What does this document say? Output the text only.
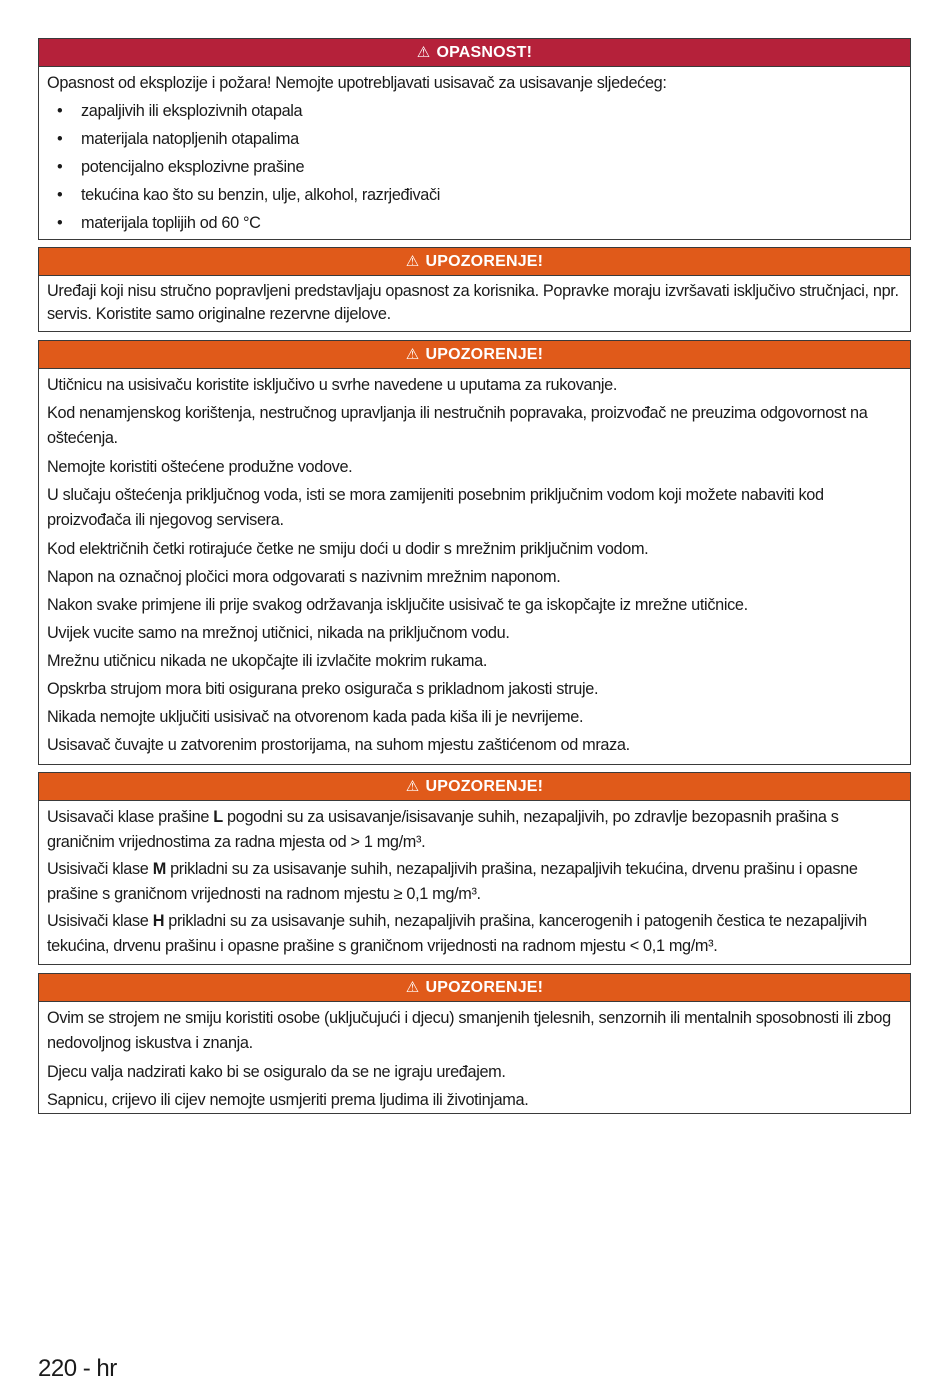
⚠ OPASNOST!

Opasnost od eksplozije i požara! Nemojte upotrebljavati usisavač za usisavanje sljedećeg:

• zapaljivih ili eksplozivnih otapala
• materijala natopljenih otapalima
• potencijalno eksplozivne prašine
• tekućina kao što su benzin, ulje, alkohol, razrjeđivači
• materijala toplijih od 60 °C
⚠ UPOZORENJE!

Uređaji koji nisu stručno popravljeni predstavljaju opasnost za korisnika. Popravke moraju izvršavati isključivo stručnjaci, npr. servis. Koristite samo originalne rezervne dijelove.

⚠ UPOZORENJE!

Utičnicu na usisivaču koristite isključivo u svrhe navedene u uputama za rukovanje.

Kod nenamjenskog korištenja, nestručnog upravljanja ili nestručnih popravaka, proizvođač ne preuzima odgovornost na oštećenja.

Nemojte koristiti oštećene produžne vodove.

U slučaju oštećenja priključnog voda, isti se mora zamijeniti posebnim priključnim vodom koji možete nabaviti kod proizvođača ili njegovog servisera.

Kod električnih četki rotirajuće četke ne smiju doći u dodir s mrežnim priključnim vodom.

Napon na označnoj pločici mora odgovarati s nazivnim mrežnim naponom.

Nakon svake primjene ili prije svakog održavanja isključite usisivač te ga iskopčajte iz mrežne utičnice.

Uvijek vucite samo na mrežnoj utičnici, nikada na priključnom vodu.

Mrežnu utičnicu nikada ne ukopčajte ili izvlačite mokrim rukama.

Opskrba strujom mora biti osigurana preko osigurača s prikladnom jakosti struje.

Nikada nemojte uključiti usisivač na otvorenom kada pada kiša ili je nevrijeme.

Usisavač čuvajte u zatvorenim prostorijama, na suhom mjestu zaštićenom od mraza.

⚠ UPOZORENJE!

Usisavači klase prašine L pogodni su za usisavanje/isisavanje suhih, nezapaljivih, po zdravlje bezopasnih prašina s graničnim vrijednostima za radna mjesta od > 1 mg/m³.

Usisivači klase M prikladni su za usisavanje suhih, nezapaljivih prašina, nezapaljivih tekućina, drvenu prašinu i opasne prašine s graničnom vrijednosti na radnom mjestu ≥ 0,1 mg/m³.

Usisivači klase H prikladni su za usisavanje suhih, nezapaljivih prašina, kancerogenih i patogenih čestica te nezapaljivih tekućina, drvenu prašinu i opasne prašine s graničnom vrijednosti na radnom mjestu < 0,1 mg/m³.

⚠ UPOZORENJE!

Ovim se strojem ne smiju koristiti osobe (uključujući i djecu) smanjenih tjelesnih, senzornih ili mentalnih sposobnosti ili zbog nedovoljnog iskustva i znanja.

Djecu valja nadzirati kako bi se osiguralo da se ne igraju uređajem.

Sapnicu, crijevo ili cijev nemojte usmjeriti prema ljudima ili životinjama.

220 - hr
